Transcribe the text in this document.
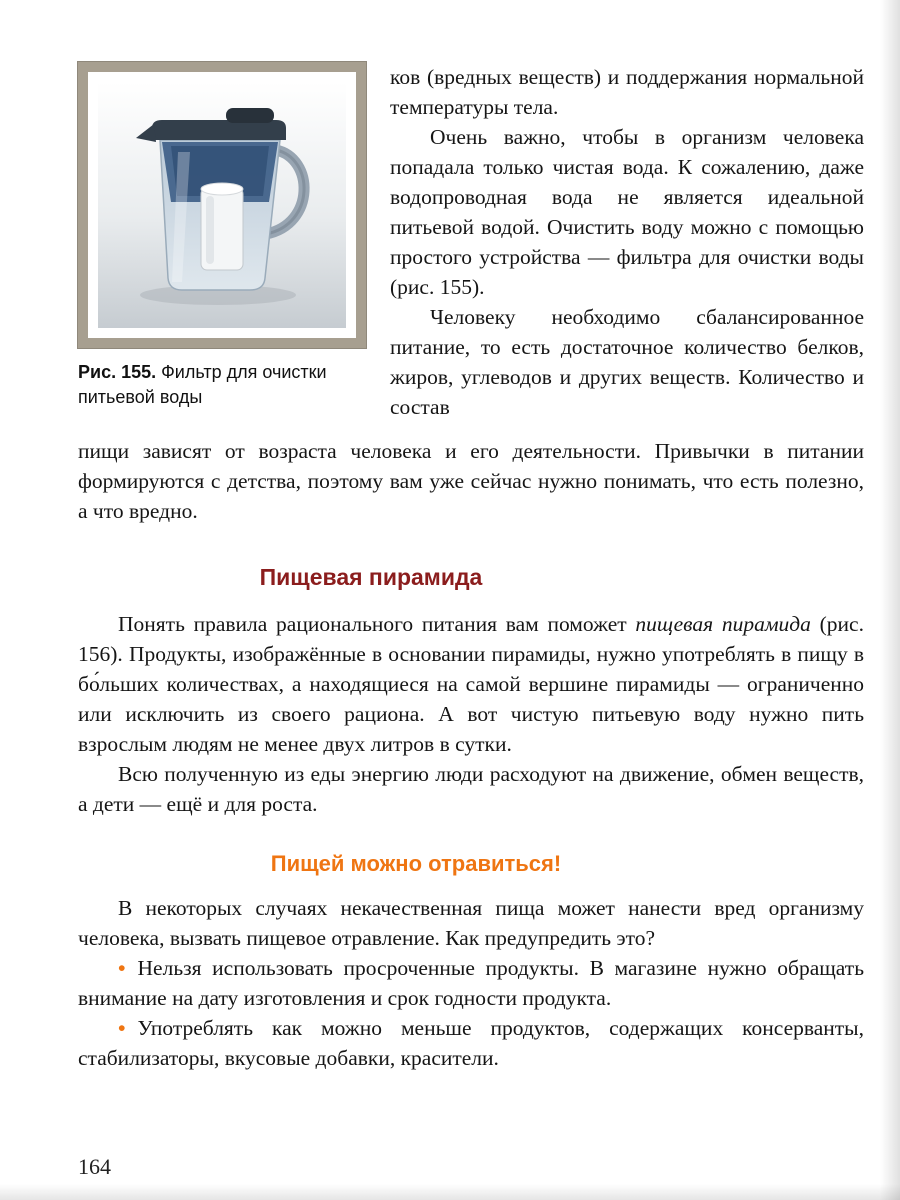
Рис. 155. Фильтр для очистки питьевой воды

ков (вредных веществ) и поддержания нормальной температуры тела.

Очень важно, чтобы в организм человека попадала только чистая вода. К сожалению, даже водопроводная вода не является идеальной питьевой водой. Очистить воду можно с помощью простого устройства — фильтра для очистки воды (рис. 155).

Человеку необходимо сбалансированное питание, то есть достаточное количество белков, жиров, углеводов и других веществ. Количество и состав

пищи зависят от возраста человека и его деятельности. Привычки в питании формируются с детства, поэтому вам уже сейчас нужно понимать, что есть полезно, а что вредно.

Пищевая пирамида

Понять правила рационального питания вам поможет пищевая пирамида (рис. 156). Продукты, изображённые в основании пирамиды, нужно употреблять в пищу в бо́льших количествах, а находящиеся на самой вершине пирамиды — ограниченно или исключить из своего рациона. А вот чистую питьевую воду нужно пить взрослым людям не менее двух литров в сутки.

Всю полученную из еды энергию люди расходуют на движение, обмен веществ, а дети — ещё и для роста.

Пищей можно отравиться!

В некоторых случаях некачественная пища может нанести вред организму человека, вызвать пищевое отравление. Как предупредить это?

• Нельзя использовать просроченные продукты. В магазине нужно обращать внимание на дату изготовления и срок годности продукта.

• Употреблять как можно меньше продуктов, содержащих консерванты, стабилизаторы, вкусовые добавки, красители.

164
